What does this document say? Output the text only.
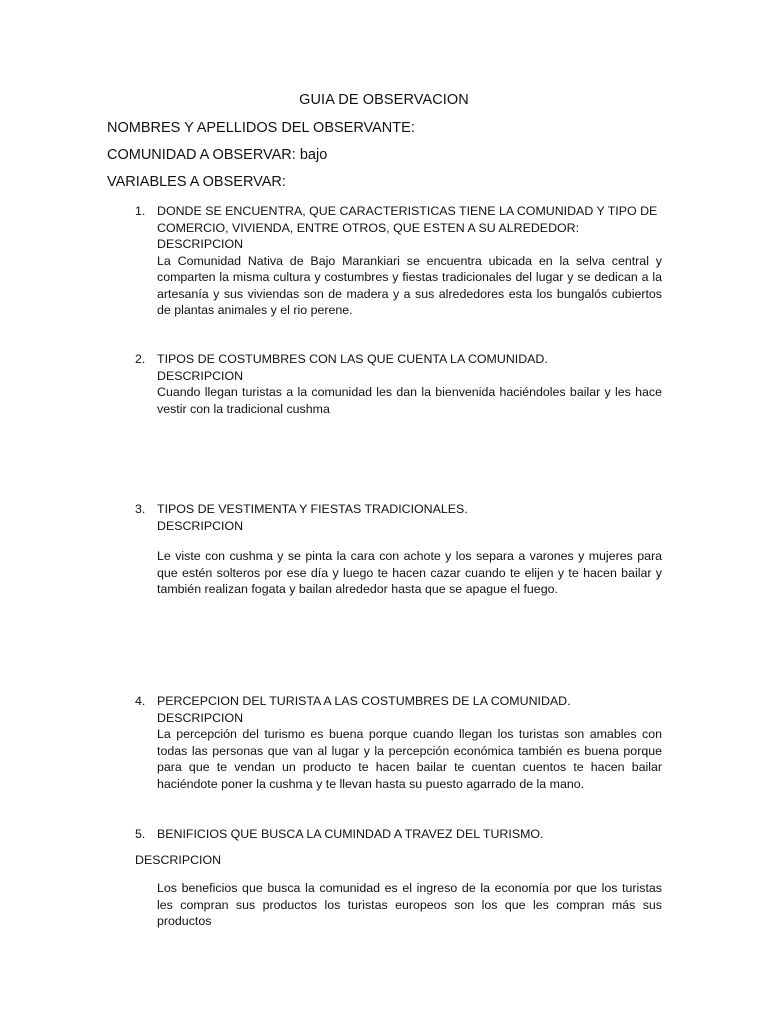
GUIA DE OBSERVACION
NOMBRES Y APELLIDOS DEL OBSERVANTE:
COMUNIDAD A OBSERVAR: bajo
VARIABLES A OBSERVAR:
1. DONDE SE ENCUENTRA, QUE CARACTERISTICAS TIENE LA COMUNIDAD Y TIPO DE COMERCIO, VIVIENDA, ENTRE OTROS, QUE ESTEN A SU ALREDEDOR:
DESCRIPCION
La Comunidad Nativa de Bajo Marankiari se encuentra ubicada en la selva central y comparten la misma cultura y costumbres y fiestas tradicionales del lugar y se dedican a la artesanía y sus viviendas son de madera y a sus alrededores esta los bungalós cubiertos de plantas animales y el rio perene.
2. TIPOS DE COSTUMBRES CON LAS QUE CUENTA LA COMUNIDAD.
DESCRIPCION
Cuando llegan turistas a la comunidad les dan la bienvenida haciéndoles bailar y les hace vestir con la tradicional cushma
3. TIPOS DE VESTIMENTA Y FIESTAS TRADICIONALES.
DESCRIPCION
Le viste con cushma y se pinta la cara con achote y los separa a varones y mujeres para que estén solteros por ese día y luego te hacen cazar cuando te elijen y te hacen bailar y también realizan fogata y bailan alrededor hasta que se apague el fuego.
4. PERCEPCION DEL TURISTA A LAS COSTUMBRES DE LA COMUNIDAD.
DESCRIPCION
La percepción del turismo es buena porque cuando llegan los turistas son amables con todas las personas que van al lugar y la percepción económica también es buena porque para que te vendan un producto te hacen bailar te cuentan cuentos te hacen bailar haciéndote poner la cushma y te llevan hasta su puesto agarrado de la mano.
5. BENIFICIOS QUE BUSCA LA CUMINDAD A TRAVEZ DEL TURISMO.
DESCRIPCION
Los beneficios que busca la comunidad es el ingreso de la economía por que los turistas les compran sus productos los turistas europeos son los que les compran más sus productos
